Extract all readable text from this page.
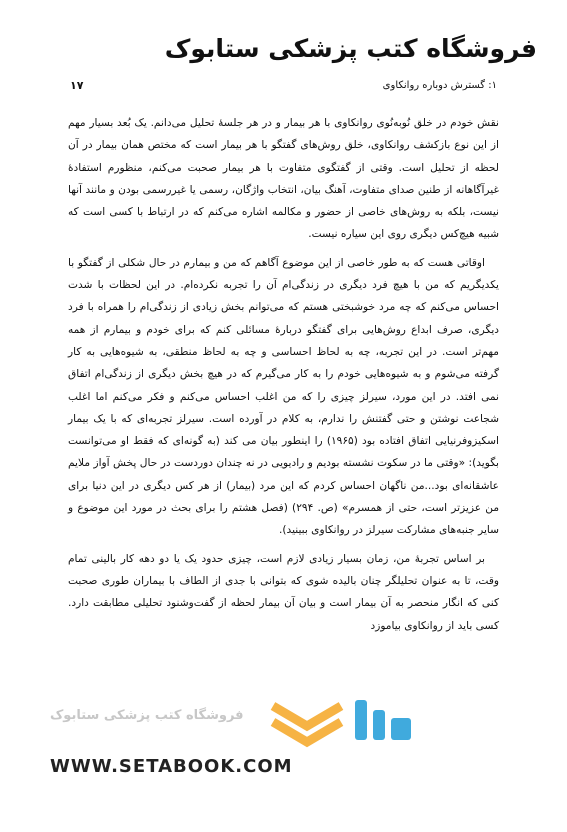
فروشگاه کتب پزشکی ستابوک
۱۷	۱: گسترش دوباره روانکاوی

نقش خودم در خلق نُوبه‌نُوی روانکاوی با هر بیمار و در هر جلسهٔ تحلیل می‌دانم. یک بُعد بسیار مهم از این نوع بازکشف روانکاوی، خلق روش‌های گفتگو با هر بیمار است که مختص همان بیمار در آن لحظه از تحلیل است. وقتی از گفتگوی متفاوت با هر بیمار صحبت می‌کنم، منظورم استفادهٔ غیرآگاهانه از طنین صدای متفاوت، آهنگ بیان، انتخاب واژگان، رسمی یا غیررسمی بودن و مانند آنها نیست، بلکه به روش‌های خاصی از حضور و مکالمه اشاره می‌کنم که در ارتباط با کسی است که شبیه هیچ‌کس دیگری روی این سیاره نیست.

اوقاتی هست که به طور خاصی از این موضوع آگاهم که من و بیمارم در حال شکلی از گفتگو با یکدیگریم که من با هیچ فرد دیگری در زندگی‌ام آن را تجربه نکرده‌ام. در این لحظات با شدت احساس می‌کنم که چه مرد خوشبختی هستم که می‌توانم بخش زیادی از زندگی‌ام را همراه با فرد دیگری، صرف ابداع روش‌هایی برای گفتگو دربارهٔ مسائلی کنم که برای خودم و بیمارم از همه مهم‌تر است. در این تجربه، چه به لحاظ احساسی و چه به لحاظ منطقی، به شیوه‌هایی به کار گرفته می‌شوم و به شیوه‌هایی خودم را به کار می‌گیرم که در هیچ بخش دیگری از زندگی‌ام اتفاق نمی افتد. در این مورد، سیرلز چیزی را که من اغلب احساس می‌کنم و فکر می‌کنم اما اغلب شجاعت نوشتن و حتی گفتنش را ندارم، به کلام در آورده است. سیرلز تجربه‌ای که با یک بیمار اسکیزوفرنیایی اتفاق افتاده بود (۱۹۶۵) را اینطور بیان می کند (به گونه‌ای که فقط او می‌توانست بگوید): «وقتی ما در سکوت نشسته بودیم و رادیویی در نه چندان دوردست در حال پخش آواز ملایم عاشقانه‌ای بود...من ناگهان احساس کردم که این مرد (بیمار) از هر کس دیگری در این دنیا برای من عزیزتر است، حتی از همسرم» (ص. ۲۹۴) (فصل هشتم را برای بحث در مورد این موضوع و سایر جنبه‌های مشارکت سیرلز در روانکاوی ببینید).

بر اساس تجربهٔ من، زمان بسیار زیادی لازم است، چیزی حدود یک یا دو دهه کار بالینی تمام وقت، تا به عنوان تحلیلگر چنان بالیده شوی که بتوانی با جدی از الطاف با بیماران طوری صحبت کنی که انگار منحصر به آن بیمار است و بیان آن بیمار لحظه از گفت‌وشنود تحلیلی مطابقت دارد. کسی باید از روانکاوی بیاموزد

فروشگاه کتب پزشکی ستابوک

WWW.SETABOOK.COM
